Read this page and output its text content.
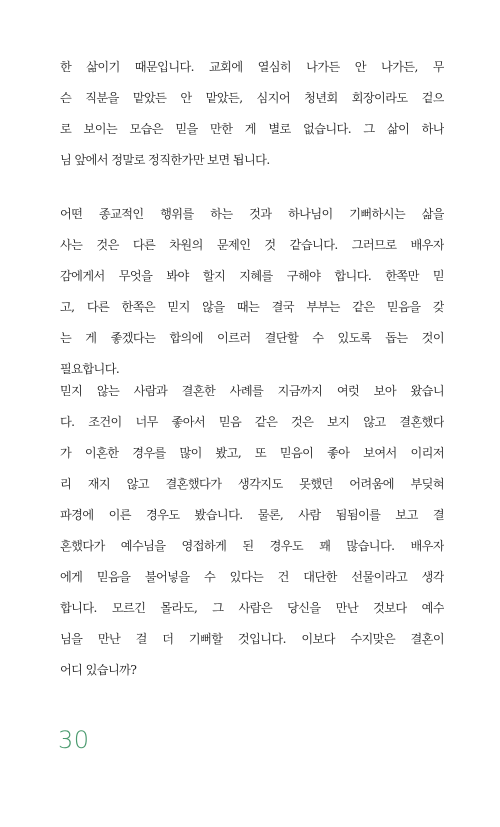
한 삶이기 때문입니다. 교회에 열심히 나가든 안 나가든, 무
슨 직분을 맡았든 안 맡았든, 심지어 청년회 회장이라도 겉으
로 보이는 모습은 믿을 만한 게 별로 없습니다. 그 삶이 하나
님 앞에서 정말로 정직한가만 보면 됩니다.
어떤 종교적인 행위를 하는 것과 하나님이 기뻐하시는 삶을
사는 것은 다른 차원의 문제인 것 같습니다. 그러므로 배우자
감에게서 무엇을 봐야 할지 지혜를 구해야 합니다. 한쪽만 믿
고, 다른 한쪽은 믿지 않을 때는 결국 부부는 같은 믿음을 갖
는 게 좋겠다는 합의에 이르러 결단할 수 있도록 돕는 것이
필요합니다.
믿지 않는 사람과 결혼한 사례를 지금까지 여럿 보아 왔습니
다. 조건이 너무 좋아서 믿음 같은 것은 보지 않고 결혼했다
가 이혼한 경우를 많이 봤고, 또 믿음이 좋아 보여서 이리저
리 재지 않고 결혼했다가 생각지도 못했던 어려움에 부딪혀
파경에 이른 경우도 봤습니다. 물론, 사람 됨됨이를 보고 결
혼했다가 예수님을 영접하게 된 경우도 꽤 많습니다. 배우자
에게 믿음을 불어넣을 수 있다는 건 대단한 선물이라고 생각
합니다. 모르긴 몰라도, 그 사람은 당신을 만난 것보다 예수
님을 만난 걸 더 기뻐할 것입니다. 이보다 수지맞은 결혼이
어디 있습니까?
30
